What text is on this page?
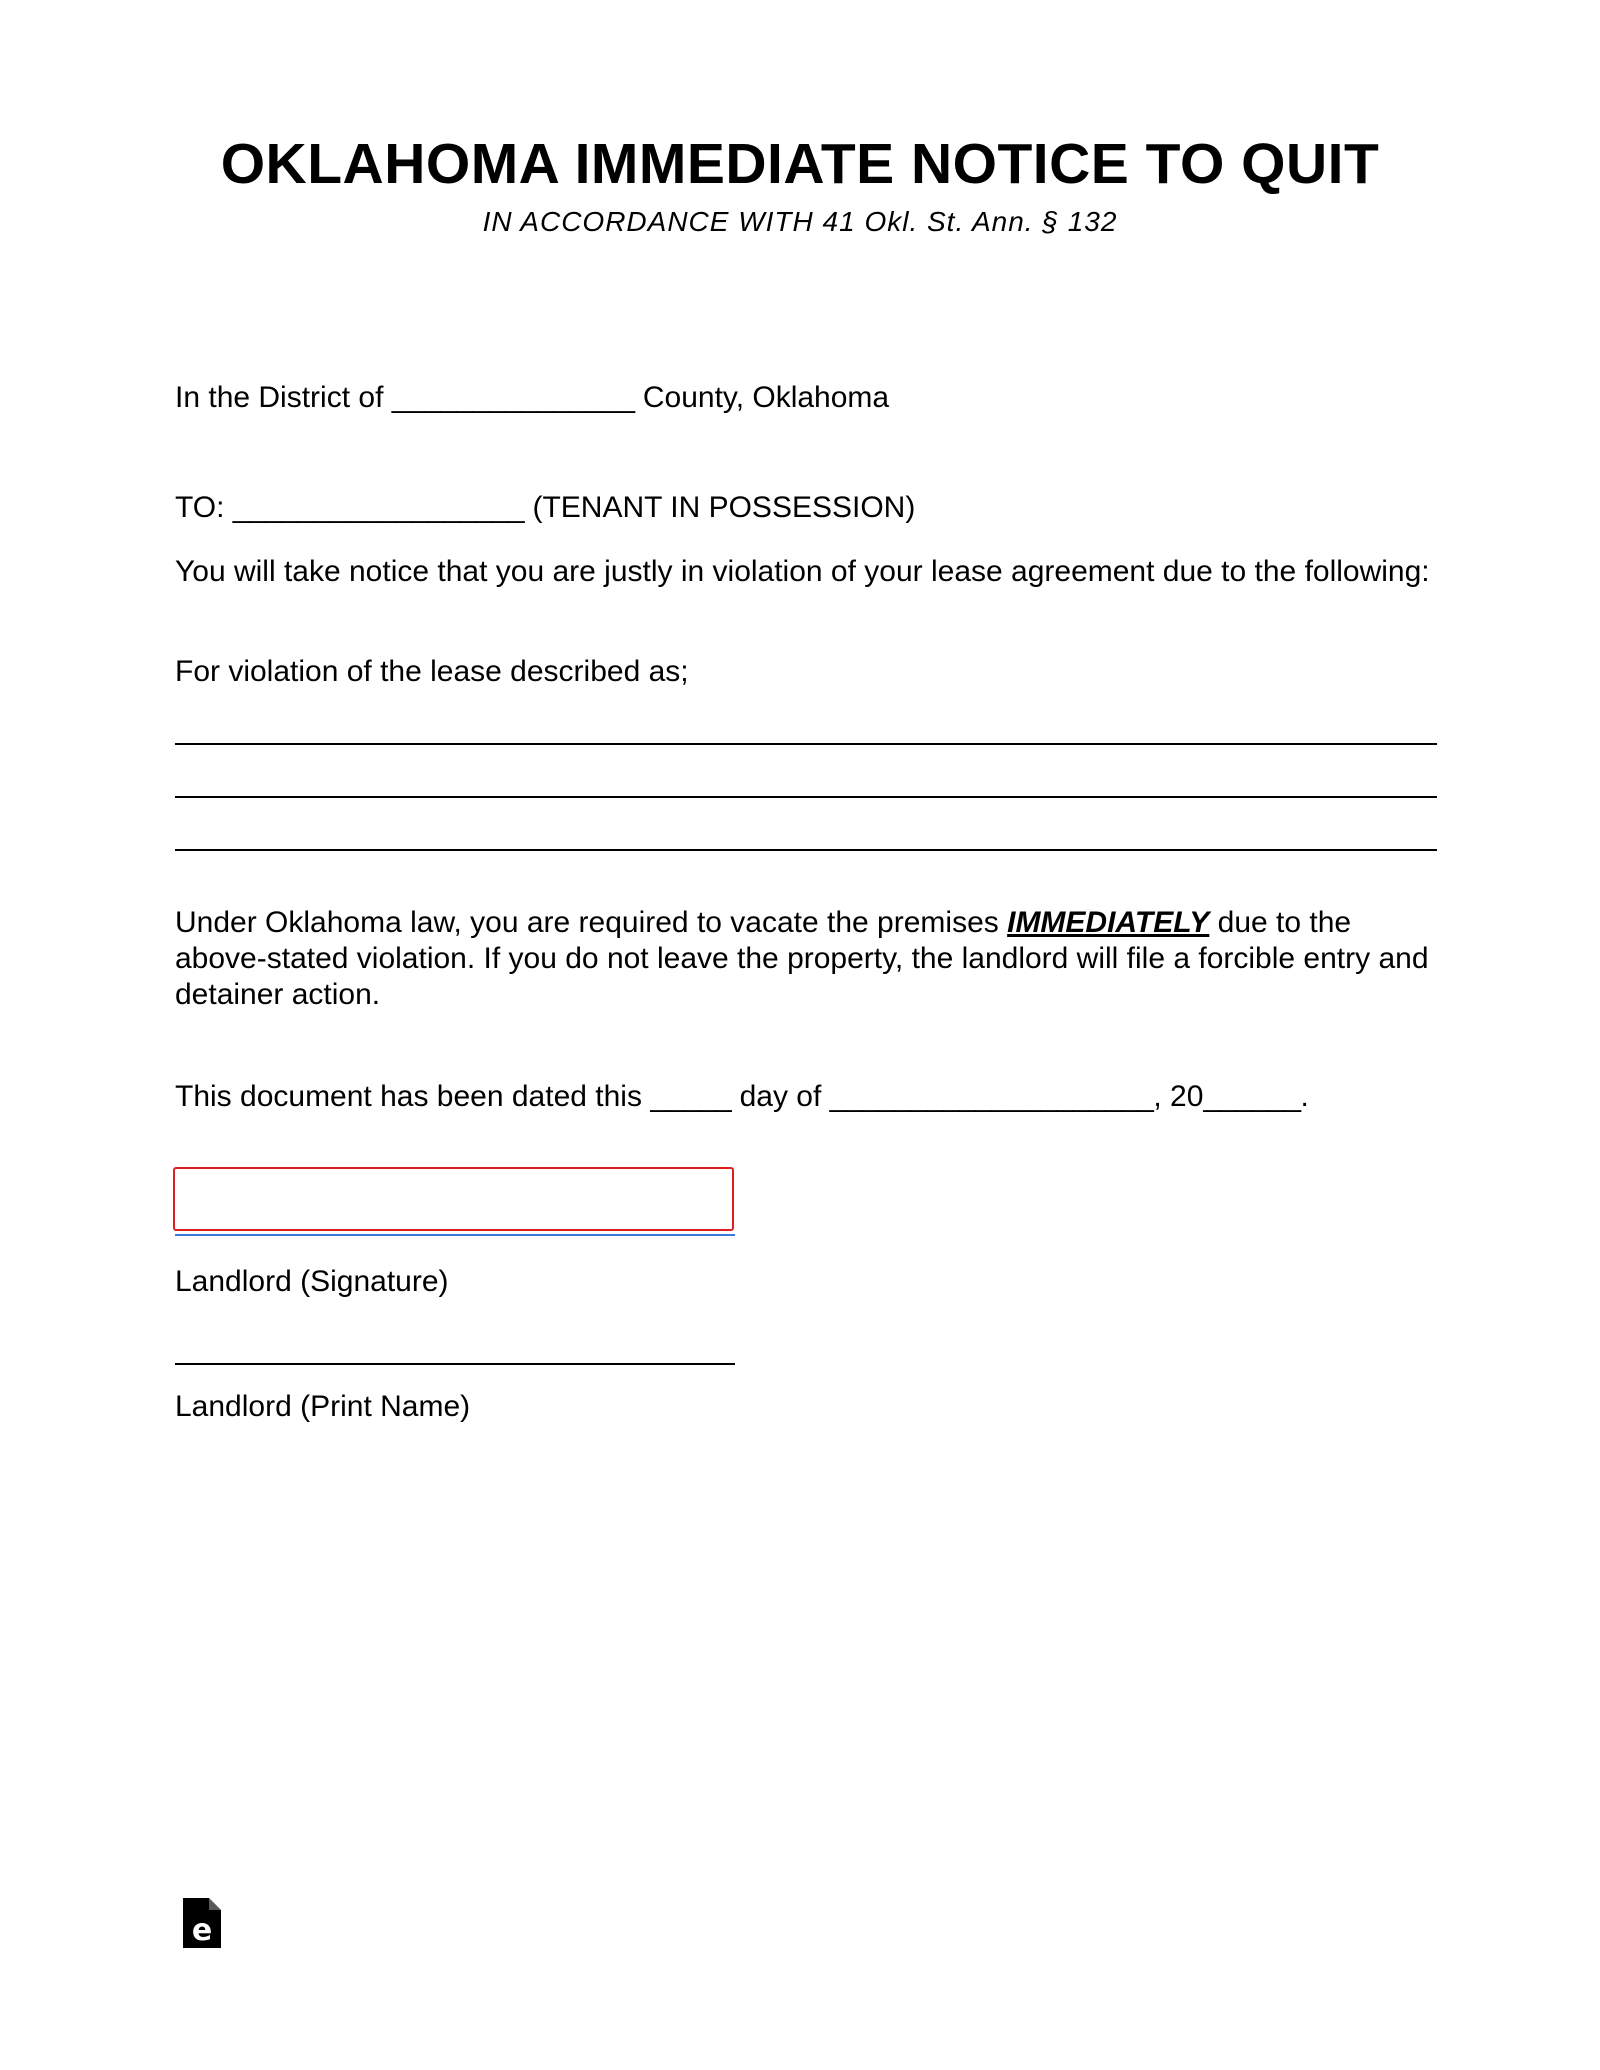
OKLAHOMA IMMEDIATE NOTICE TO QUIT
IN ACCORDANCE WITH 41 Okl. St. Ann. § 132
In the District of _______________ County, Oklahoma
TO: __________________ (TENANT IN POSSESSION)
You will take notice that you are justly in violation of your lease agreement due to the following:
For violation of the lease described as;
Under Oklahoma law, you are required to vacate the premises IMMEDIATELY due to the above-stated violation. If you do not leave the property, the landlord will file a forcible entry and detainer action.
This document has been dated this _____ day of ____________________, 20______.
Landlord (Signature)
Landlord (Print Name)
e
